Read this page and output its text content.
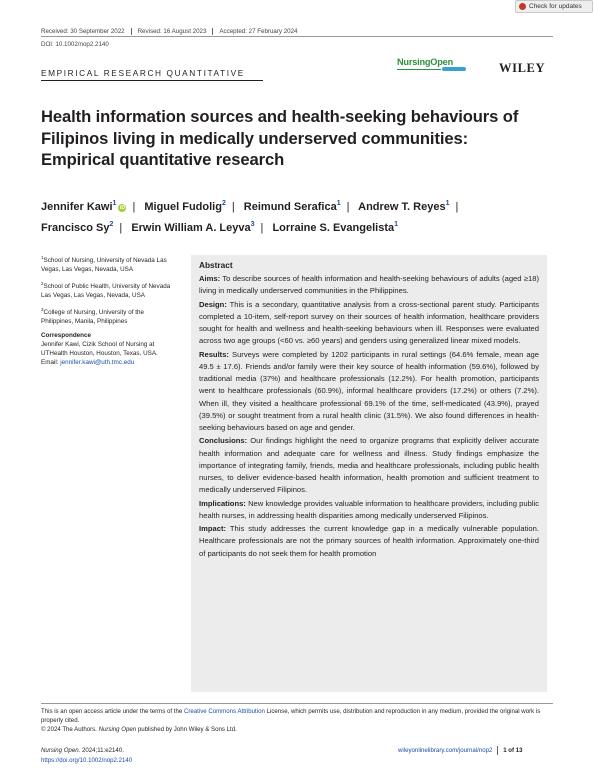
Check for updates
Received: 30 September 2022	Revised: 16 August 2023	Accepted: 27 February 2024
DOI: 10.1002/nop2.2140
EMPIRICAL RESEARCH QUANTITATIVE
NursingOpen	WILEY
Health information sources and health-seeking behaviours of Filipinos living in medically underserved communities: Empirical quantitative research
Jennifer Kawi$^1$iD | Miguel Fudolig$^2$ | Reimund Serafica$^1$ | Andrew T. Reyes$^1$ |
Francisco Sy$^2$ | Erwin William A. Leyva$^3$ | Lorraine S. Evangelista$^1$

$^1$School of Nursing, University of Nevada Las Vegas, Las Vegas, Nevada, USA

$^2$School of Public Health, University of Nevada Las Vegas, Las Vegas, Nevada, USA

$^3$College of Nursing, University of the Philippines, Manila, Philippines

Correspondence

Jennifer Kawi, Cizik School of Nursing at UTHealth Houston, Houston, Texas, USA. Email: jennifer.kawi@uth.tmc.edu

Abstract

Aims: To describe sources of health information and health-seeking behaviours of adults (aged ≥18) living in medically underserved communities in the Philippines.

Design: This is a secondary, quantitative analysis from a cross-sectional parent study. Participants completed a 10-item, self-report survey on their sources of health information, healthcare providers sought for health and wellness and health-seeking behaviours when ill. Responses were evaluated across two age groups (<60 vs. ≥60 years) and genders using generalized linear mixed models.

Results: Surveys were completed by 1202 participants in rural settings (64.6% female, mean age 49.5 ± 17.6). Friends and/or family were their key source of health information (59.6%), followed by traditional media (37%) and healthcare professionals (12.2%). For health promotion, participants went to healthcare professionals (60.9%), informal healthcare providers (17.2%) or others (7.2%). When ill, they visited a healthcare professional 69.1% of the time, self-medicated (43.9%), prayed (39.5%) or sought treatment from a rural health clinic (31.5%). We also found differences in health-seeking behaviours based on age and gender.

Conclusions: Our findings highlight the need to organize programs that explicitly deliver accurate health information and adequate care for wellness and illness. Study findings emphasize the importance of integrating family, friends, media and healthcare professionals, including public health nurses, to deliver evidence-based health information, health promotion and sufficient treatment to medically underserved Filipinos.

Implications: New knowledge provides valuable information to healthcare providers, including public health nurses, in addressing health disparities among medically underserved Filipinos.

Impact: This study addresses the current knowledge gap in a medically vulnerable population. Healthcare professionals are not the primary sources of health information. Approximately one-third of participants do not seek them for health promotion

This is an open access article under the terms of the Creative Commons Attribution License, which permits use, distribution and reproduction in any medium, provided the original work is properly cited.
© 2024 The Authors. Nursing Open published by John Wiley & Sons Ltd.
Nursing Open. 2024;11:e2140.
https://doi.org/10.1002/nop2.2140
wileyonlinelibrary.com/journal/nop2 1 of 13
